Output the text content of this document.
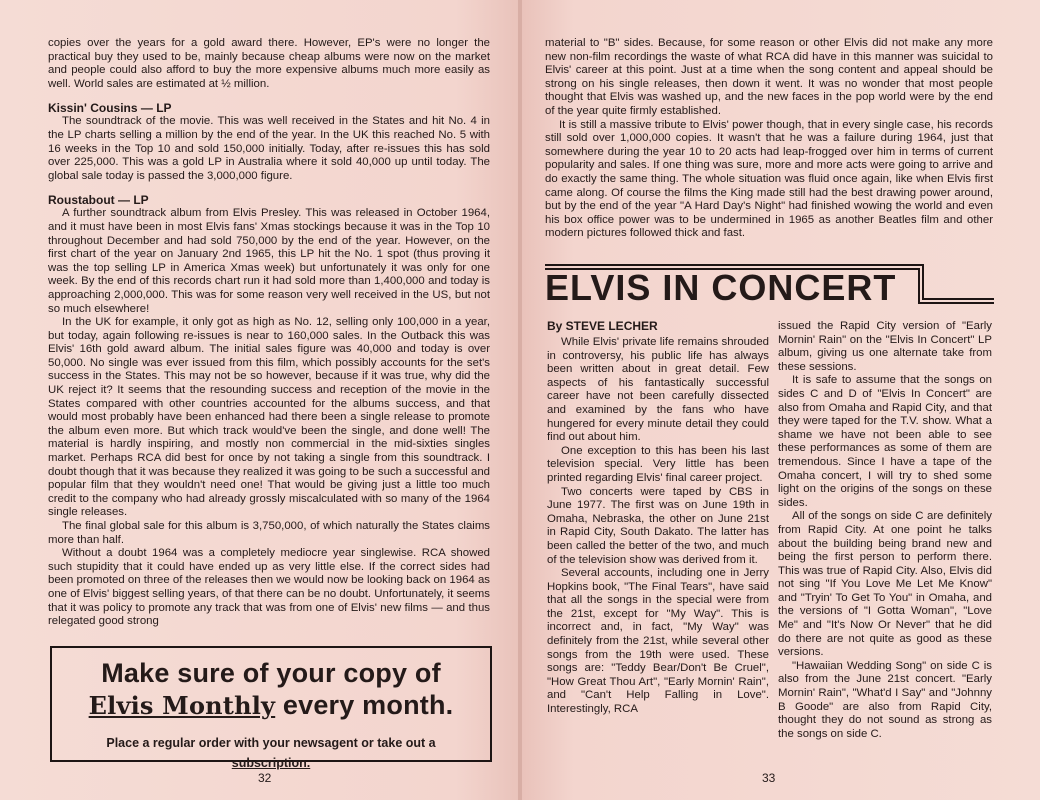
copies over the years for a gold award there. However, EP's were no longer the practical buy they used to be, mainly because cheap albums were now on the market and people could also afford to buy the more expensive albums much more easily as well. World sales are estimated at ½ million.

Kissin' Cousins — LP

The soundtrack of the movie. This was well received in the States and hit No. 4 in the LP charts selling a million by the end of the year. In the UK this reached No. 5 with 16 weeks in the Top 10 and sold 150,000 initially. Today, after re-issues this has sold over 225,000. This was a gold LP in Australia where it sold 40,000 up until today. The global sale today is passed the 3,000,000 figure.

Roustabout — LP

A further soundtrack album from Elvis Presley. This was released in October 1964, and it must have been in most Elvis fans' Xmas stockings because it was in the Top 10 throughout December and had sold 750,000 by the end of the year. However, on the first chart of the year on January 2nd 1965, this LP hit the No. 1 spot (thus proving it was the top selling LP in America Xmas week) but unfortunately it was only for one week. By the end of this records chart run it had sold more than 1,400,000 and today is approaching 2,000,000. This was for some reason very well received in the US, but not so much elsewhere!

In the UK for example, it only got as high as No. 12, selling only 100,000 in a year, but today, again following re-issues is near to 160,000 sales. In the Outback this was Elvis' 16th gold award album. The initial sales figure was 40,000 and today is over 50,000. No single was ever issued from this film, which possibly accounts for the set's success in the States. This may not be so however, because if it was true, why did the UK reject it? It seems that the resounding success and reception of the movie in the States compared with other countries accounted for the albums success, and that would most probably have been enhanced had there been a single release to promote the album even more. But which track would've been the single, and done well! The material is hardly inspiring, and mostly non commercial in the mid-sixties singles market. Perhaps RCA did best for once by not taking a single from this soundtrack. I doubt though that it was because they realized it was going to be such a successful and popular film that they wouldn't need one! That would be giving just a little too much credit to the company who had already grossly miscalculated with so many of the 1964 single releases.

The final global sale for this album is 3,750,000, of which naturally the States claims more than half.

Without a doubt 1964 was a completely mediocre year singlewise. RCA showed such stupidity that it could have ended up as very little else. If the correct sides had been promoted on three of the releases then we would now be looking back on 1964 as one of Elvis' biggest selling years, of that there can be no doubt. Unfortunately, it seems that it was policy to promote any track that was from one of Elvis' new films — and thus relegated good strong

Make sure of your copy of
Elvis Monthly every month.
Place a regular order with your newsagent or take out a
subscription.
32

material to "B" sides. Because, for some reason or other Elvis did not make any more new non-film recordings the waste of what RCA did have in this manner was suicidal to Elvis' career at this point. Just at a time when the song content and appeal should be strong on his single releases, then down it went. It was no wonder that most people thought that Elvis was washed up, and the new faces in the pop world were by the end of the year quite firmly established.

It is still a massive tribute to Elvis' power though, that in every single case, his records still sold over 1,000,000 copies. It wasn't that he was a failure during 1964, just that somewhere during the year 10 to 20 acts had leap-frogged over him in terms of current popularity and sales. If one thing was sure, more and more acts were going to arrive and do exactly the same thing. The whole situation was fluid once again, like when Elvis first came along. Of course the films the King made still had the best drawing power around, but by the end of the year "A Hard Day's Night" had finished wowing the world and even his box office power was to be undermined in 1965 as another Beatles film and other modern pictures followed thick and fast.

ELVIS IN CONCERT
By STEVE LECHER

While Elvis' private life remains shrouded in controversy, his public life has always been written about in great detail. Few aspects of his fantastically successful career have not been carefully dissected and examined by the fans who have hungered for every minute detail they could find out about him.

One exception to this has been his last television special. Very little has been printed regarding Elvis' final career project.

Two concerts were taped by CBS in June 1977. The first was on June 19th in Omaha, Nebraska, the other on June 21st in Rapid City, South Dakato. The latter has been called the better of the two, and much of the television show was derived from it.

Several accounts, including one in Jerry Hopkins book, "The Final Tears", have said that all the songs in the special were from the 21st, except for "My Way". This is incorrect and, in fact, "My Way" was definitely from the 21st, while several other songs from the 19th were used. These songs are: "Teddy Bear/Don't Be Cruel", "How Great Thou Art", "Early Mornin' Rain", and "Can't Help Falling in Love". Interestingly, RCA

issued the Rapid City version of "Early Mornin' Rain" on the "Elvis In Concert" LP album, giving us one alternate take from these sessions.

It is safe to assume that the songs on sides C and D of "Elvis In Concert" are also from Omaha and Rapid City, and that they were taped for the T.V. show. What a shame we have not been able to see these performances as some of them are tremendous. Since I have a tape of the Omaha concert, I will try to shed some light on the origins of the songs on these sides.

All of the songs on side C are definitely from Rapid City. At one point he talks about the building being brand new and being the first person to perform there. This was true of Rapid City. Also, Elvis did not sing "If You Love Me Let Me Know" and "Tryin' To Get To You" in Omaha, and the versions of "I Gotta Woman", "Love Me" and "It's Now Or Never" that he did do there are not quite as good as these versions.

"Hawaiian Wedding Song" on side C is also from the June 21st concert. "Early Mornin' Rain", "What'd I Say" and "Johnny B Goode" are also from Rapid City, thought they do not sound as strong as the songs on side C.

33
